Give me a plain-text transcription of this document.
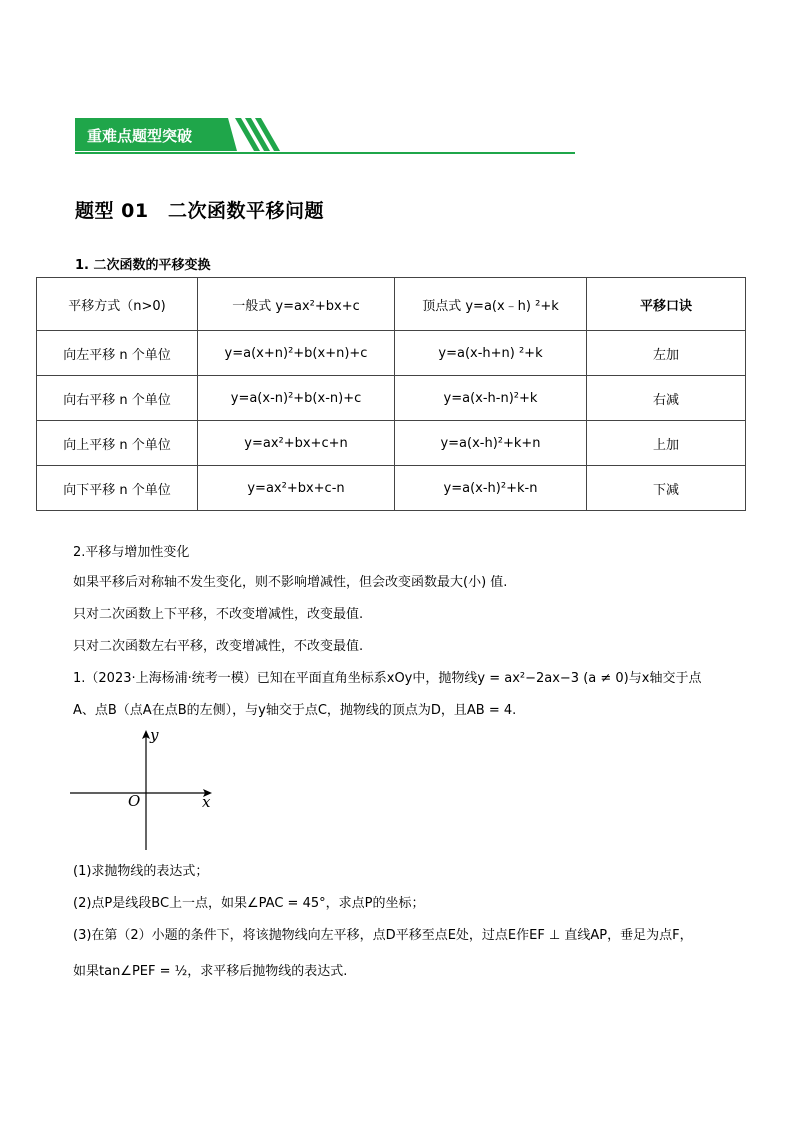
重难点题型突破
题型 01　二次函数平移问题
1. 二次函数的平移变换
平移方式（n>0)	一般式 y=ax²+bx+c	顶点式 y=a(x﹣h) ²+k	平移口诀
向左平移 n 个单位	y=a(x+n)²+b(x+n)+c	y=a(x-h+n) ²+k	左加
向右平移 n 个单位	y=a(x-n)²+b(x-n)+c	y=a(x-h-n)²+k	右减
向上平移 n 个单位	y=ax²+bx+c+n	y=a(x-h)²+k+n	上加
向下平移 n 个单位	y=ax²+bx+c-n	y=a(x-h)²+k-n	下减
2.平移与增加性变化
如果平移后对称轴不发生变化，则不影响增减性，但会改变函数最大(小) 值.
只对二次函数上下平移，不改变增减性，改变最值.
只对二次函数左右平移，改变增减性，不改变最值.
1.（2023·上海杨浦·统考一模）已知在平面直角坐标系xOy中，抛物线y = ax²−2ax−3 (a ≠ 0)与x轴交于点
A、点B（点A在点B的左侧），与y轴交于点C，抛物线的顶点为D，且AB = 4.
x
y
O
(1)求抛物线的表达式；
(2)点P是线段BC上一点，如果∠PAC = 45°，求点P的坐标；
(3)在第（2）小题的条件下，将该抛物线向左平移，点D平移至点E处，过点E作EF ⊥ 直线AP，垂足为点F，
如果tan∠PEF = ½，求平移后抛物线的表达式.
